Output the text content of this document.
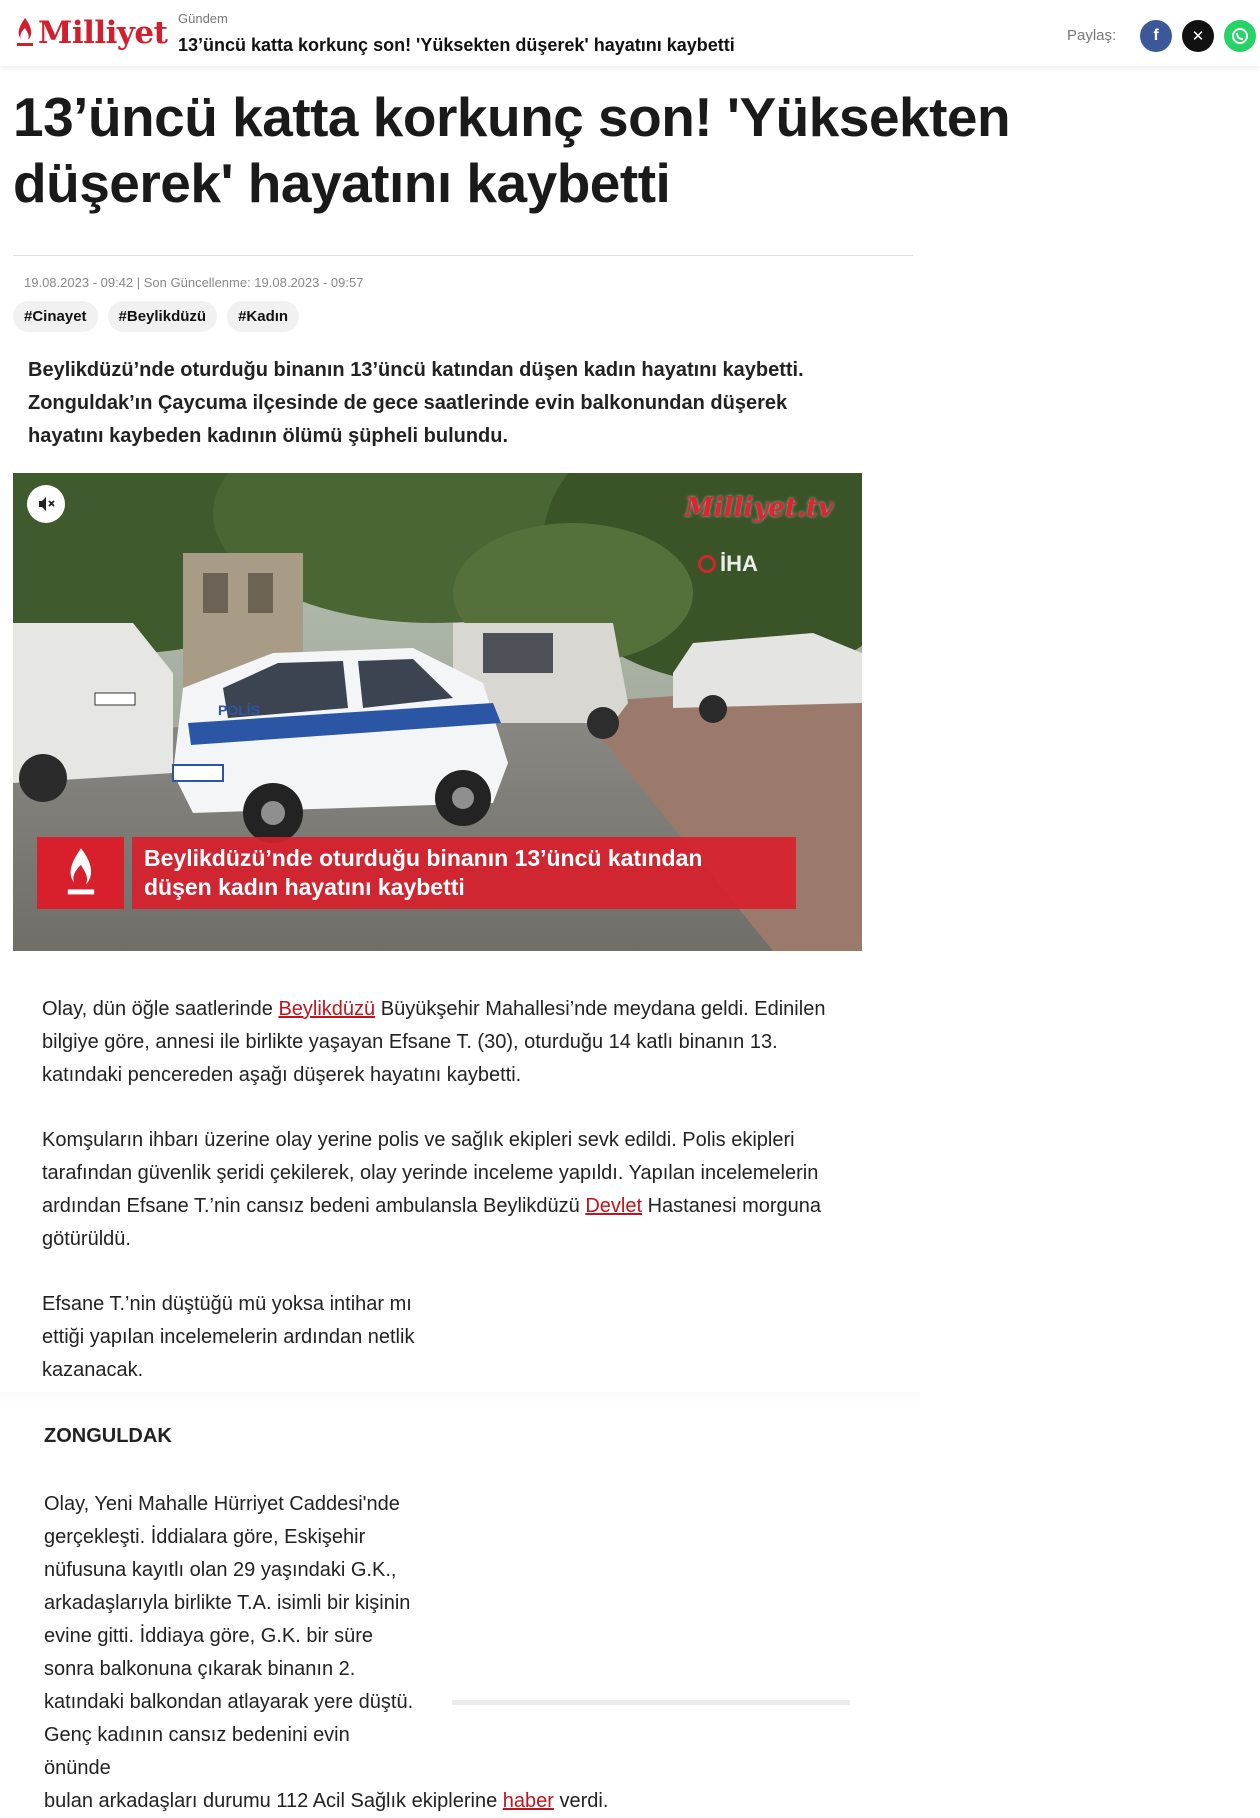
Milliyet Gündem
13’üncü katta korkunç son! 'Yüksekten düşerek' hayatını kaybetti	Paylaş: f ✕
13’üncü katta korkunç son! 'Yüksekten düşerek' hayatını kaybetti
19.08.2023 - 09:42 | Son Güncellenme: 19.08.2023 - 09:57
#Cinayet	#Beylikdüzü	#Kadın

Beylikdüzü’nde oturduğu binanın 13’üncü katından düşen kadın hayatını kaybetti. Zonguldak’ın Çaycuma ilçesinde de gece saatlerinde evin balkonundan düşerek hayatını kaybeden kadının ölümü şüpheli bulundu.

POLİS
Milliyet.tv
İHA
Beylikdüzü’nde oturduğu binanın 13’üncü katından
düşen kadın hayatını kaybetti

Olay, dün öğle saatlerinde Beylikdüzü Büyükşehir Mahallesi’nde meydana geldi. Edinilen bilgiye göre, annesi ile birlikte yaşayan Efsane T. (30), oturduğu 14 katlı binanın 13. katındaki pencereden aşağı düşerek hayatını kaybetti.

Komşuların ihbarı üzerine olay yerine polis ve sağlık ekipleri sevk edildi. Polis ekipleri tarafından güvenlik şeridi çekilerek, olay yerinde inceleme yapıldı. Yapılan incelemelerin ardından Efsane T.’nin cansız bedeni ambulansla Beylikdüzü Devlet Hastanesi morguna götürüldü.

Efsane T.’nin düştüğü mü yoksa intihar mı ettiği yapılan incelemelerin ardından netlik kazanacak.

ZONGULDAK

Olay, Yeni Mahalle Hürriyet Caddesi'nde gerçekleşti. İddialara göre, Eskişehir nüfusuna kayıtlı olan 29 yaşındaki G.K., arkadaşlarıyla birlikte T.A. isimli bir kişinin evine gitti. İddiaya göre, G.K. bir süre sonra balkonuna çıkarak binanın 2. katındaki balkondan atlayarak yere düştü. Genç kadının cansız bedenini evin önünde
bulan arkadaşları durumu 112 Acil Sağlık ekiplerine haber verdi.
